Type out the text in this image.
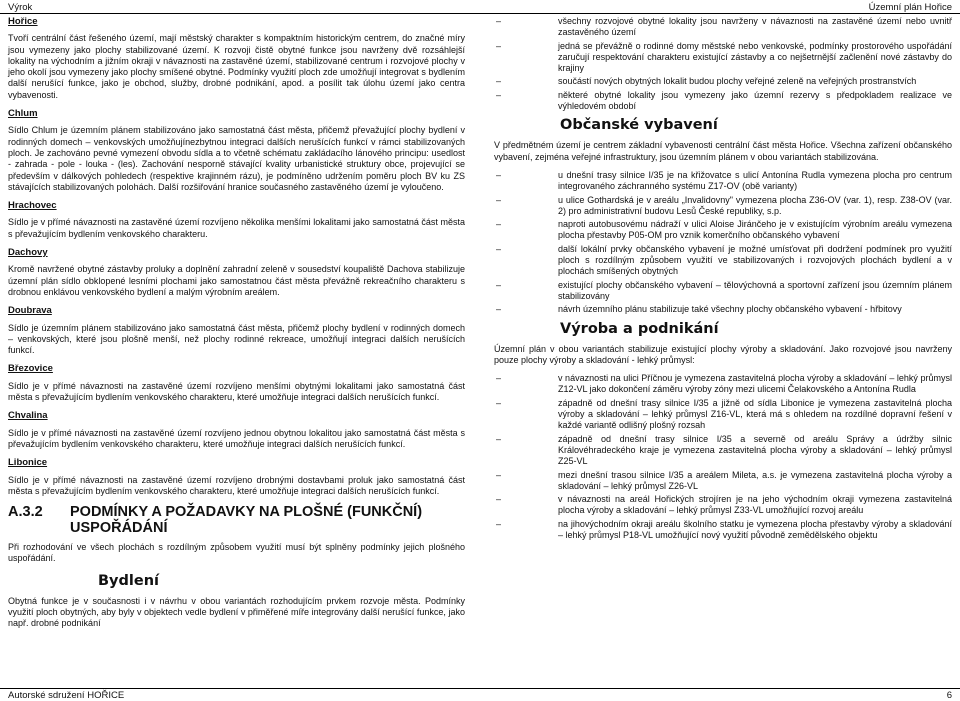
Výrok	Územní plán Hořice
Hořice

Tvoří centrální část řešeného území, mají městský charakter s kompaktním historickým centrem, do značné míry jsou vymezeny jako plochy stabilizované území. K rozvoji čistě obytné funkce jsou navrženy dvě rozsáhlejší lokality na východním a jižním okraji v návaznosti na zastavěné území, stabilizované centrum i rozvojové plochy v jeho okolí jsou vymezeny jako plochy smíšené obytné. Podmínky využití ploch zde umožňují integrovat s bydlením další nerušící funkce, jako je obchod, služby, drobné podnikání, apod. a posílit tak úlohu území jako centra vybavenosti.

Chlum

Sídlo Chlum je územním plánem stabilizováno jako samostatná část města, přičemž převažující plochy bydlení v rodinných domech – venkovských umožňujínezbytnou integraci dalších nerušících funkcí v rámci stabilizovaných ploch. Je zachováno pevné vymezení obvodu sídla a to včetně schématu zakládacího lánového principu: usedlost - zahrada - pole - louka - (les). Zachování nesporně stávající kvality urbanistické struktury obce, projevující se především v dálkových pohledech (respektive krajinném rázu), je podmíněno udržením poměru ploch BV ku ZS stávajících stabilizovaných polohách. Další rozšiřování hranice současného zastavěného území je vyloučeno.

Hrachovec

Sídlo je v přímé návaznosti na zastavěné území rozvíjeno několika menšími lokalitami jako samostatná část města s převažujícím bydlením venkovského charakteru.

Dachovy

Kromě navržené obytné zástavby proluky a doplnění zahradní zeleně v sousedství koupaliště Dachova stabilizuje územní plán sídlo obklopené lesními plochami jako samostatnou část města převážně rekreačního charakteru s drobnou enklávou venkovského bydlení a malým výrobním areálem.

Doubrava

Sídlo je územním plánem stabilizováno jako samostatná část města, přičemž plochy bydlení v rodinných domech – venkovských, které jsou plošně menší, než plochy rodinné rekreace, umožňují integraci dalších nerušících funkcí.

Březovice

Sídlo je v přímé návaznosti na zastavěné území rozvíjeno menšími obytnými lokalitami jako samostatná část města s převažujícím bydlením venkovského charakteru, které umožňuje integraci dalších nerušících funkcí.

Chvalina

Sídlo je v přímé návaznosti na zastavěné území rozvíjeno jednou obytnou lokalitou jako samostatná část města s převažujícím bydlením venkovského charakteru, které umožňuje integraci dalších nerušících funkcí.

Libonice

Sídlo je v přímé návaznosti na zastavěné území rozvíjeno drobnými dostavbami proluk jako samostatná část města s převažujícím bydlením venkovského charakteru, které umožňuje integraci dalších nerušících funkcí.

A.3.2	PODMÍNKY A POŽADAVKY NA PLOŠNÉ (FUNKČNÍ) USPOŘÁDÁNÍ

Při rozhodování ve všech plochách s rozdílným způsobem využití musí být splněny podmínky jejich plošného uspořádání.

Bydlení

Obytná funkce je v současnosti i v návrhu v obou variantách rozhodujícím prvkem rozvoje města. Podmínky využití ploch obytných, aby byly v objektech vedle bydlení v přiměřené míře integrovány další nerušící funkce, jako např. drobné podnikání

–	všechny rozvojové obytné lokality jsou navrženy v návaznosti na zastavěné území nebo uvnitř zastavěného území
–	jedná se převážně o rodinné domy městské nebo venkovské, podmínky prostorového uspořádání zaručují respektování charakteru existující zástavby a co nejšetrnější začlenění nové zástavby do krajiny
–	součástí nových obytných lokalit budou plochy veřejné zeleně na veřejných prostranstvích
–	některé obytné lokality jsou vymezeny jako územní rezervy s předpokladem realizace ve výhledovém období
Občanské vybavení

V předmětném území je centrem základní vybavenosti centrální část města Hořice. Všechna zařízení občanského vybavení, zejména veřejné infrastruktury, jsou územním plánem v obou variantách stabilizována.

–	u dnešní trasy silnice I/35 je na křižovatce s ulicí Antonína Rudla vymezena plocha pro centrum integrovaného záchranného systému Z17-OV (obě varianty)
–	u ulice Gothardská je v areálu „Invalidovny" vymezena plocha Z36-OV (var. 1), resp. Z38-OV (var. 2) pro administrativní budovu Lesů České republiky, s.p.
–	naproti autobusovému nádraží v ulici Aloise Jiránčeho je v existujícím výrobním areálu vymezena plocha přestavby P05-OM pro vznik komerčního občanského vybavení
–	další lokální prvky občanského vybavení je možné umísťovat při dodržení podmínek pro využití ploch s rozdílným způsobem využití ve stabilizovaných i rozvojových plochách bydlení a v plochách smíšených obytných
–	existující plochy občanského vybavení – tělovýchovná a sportovní zařízení jsou územním plánem stabilizovány
–	návrh územního plánu stabilizuje také všechny plochy občanského vybavení - hřbitovy
Výroba a podnikání

Územní plán v obou variantách stabilizuje existující plochy výroby a skladování. Jako rozvojové jsou navrženy pouze plochy výroby a skladování - lehký průmysl:

–	v návaznosti na ulici Příčnou je vymezena zastavitelná plocha výroby a skladování – lehký průmysl Z12-VL jako dokončení záměru výroby zóny mezi ulicemi Čelakovského a Antonína Rudla
–	západně od dnešní trasy silnice I/35 a jižně od sídla Libonice je vymezena zastavitelná plocha výroby a skladování – lehký průmysl Z16-VL, která má s ohledem na rozdílné dopravní řešení v každé variantě odlišný plošný rozsah
–	západně od dnešní trasy silnice I/35 a severně od areálu Správy a údržby silnic Královéhradeckého kraje je vymezena zastavitelná plocha výroby a skladování – lehký průmysl Z25-VL
–	mezi dnešní trasou silnice I/35 a areálem Mileta, a.s. je vymezena zastavitelná plocha výroby a skladování – lehký průmysl Z26-VL
–	v návaznosti na areál Hořických strojíren je na jeho východním okraji vymezena zastavitelná plocha výroby a skladování – lehký průmysl Z33-VL umožňující rozvoj areálu
–	na jihovýchodním okraji areálu školního statku je vymezena plocha přestavby výroby a skladování – lehký průmysl P18-VL umožňující nový využití původně zemědělského objektu
Autorské sdružení HOŘICE	6
